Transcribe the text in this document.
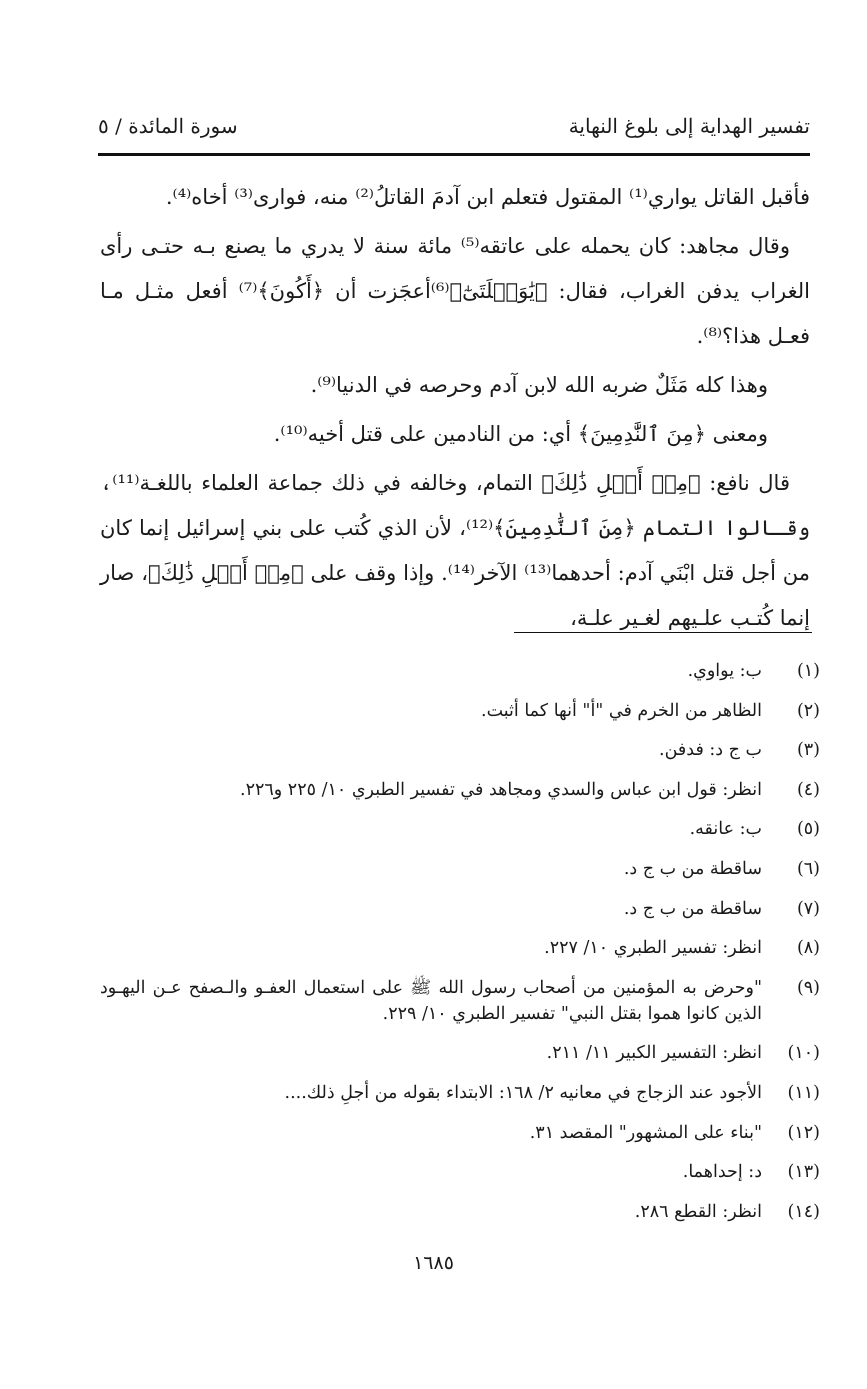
تفسير الهداية إلى بلوغ النهاية
سورة المائدة / ٥

فأقبل القاتل يواري⁽¹⁾ المقتول فتعلم ابن آدمَ القاتلُ⁽²⁾ منه، فوارى⁽³⁾ أخاه⁽⁴⁾.

وقال مجاهد: كان يحمله على عاتقه⁽⁵⁾ مائة سنة لا يدري ما يصنع بـه حتـى رأى الغراب يدفن الغراب، فقال: ﴿يَٰوَيۡلَتَىٰٓ﴾⁽⁶⁾أعجَزت أن ﴿أَكُونَ﴾⁽⁷⁾ أفعل مثـل مـا فعـل هذا؟⁽⁸⁾.

وهذا كله مَثَلٌ ضربه الله لابن آدم وحرصه في الدنيا⁽⁹⁾.

ومعنى ﴿مِنَ ٱلنَّٰدِمِينَ﴾ أي: من النادمين على قتل أخيه⁽¹⁰⁾.

قال نافع: ﴿مِنۡ أَجۡلِ ذَٰلِكَ﴾ التمام، وخالفه في ذلك جماعة العلماء باللغـة⁽¹¹⁾، وقـالوا التمام ﴿مِنَ ٱلنَّٰدِمِينَ﴾⁽¹²⁾، لأن الذي كُتب على بني إسرائيل إنما كان من أجل قتل ابْنَي آدم: أحدهما⁽¹³⁾ الآخر⁽¹⁴⁾. وإذا وقف على ﴿مِنۡ أَجۡلِ ذَٰلِكَ﴾، صار إنما كُتـب علـيهم لغـير علـة،

(١)
ب: يواوي.
(٢)
الظاهر من الخرم في "أ" أنها كما أثبت.
(٣)
ب ج د: فدفن.
(٤)
انظر: قول ابن عباس والسدي ومجاهد في تفسير الطبري ١٠/ ٢٢٥ و٢٢٦.
(٥)
ب: عانقه.
(٦)
ساقطة من ب ج د.
(٧)
ساقطة من ب ج د.
(٨)
انظر: تفسير الطبري ١٠/ ٢٢٧.
(٩)
"وحرض به المؤمنين من أصحاب رسول الله ﷺ على استعمال العفـو والـصفح عـن اليهـود الذين كانوا هموا بقتل النبي" تفسير الطبري ١٠/ ٢٢٩.
(١٠)
انظر: التفسير الكبير ١١/ ٢١١.
(١١)
الأجود عند الزجاج في معانيه ٢/ ١٦٨: الابتداء بقوله من أجلِ ذلك....
(١٢)
"بناء على المشهور" المقصد ٣١.
(١٣)
د: إحداهما.
(١٤)
انظر: القطع ٢٨٦.
١٦٨٥
